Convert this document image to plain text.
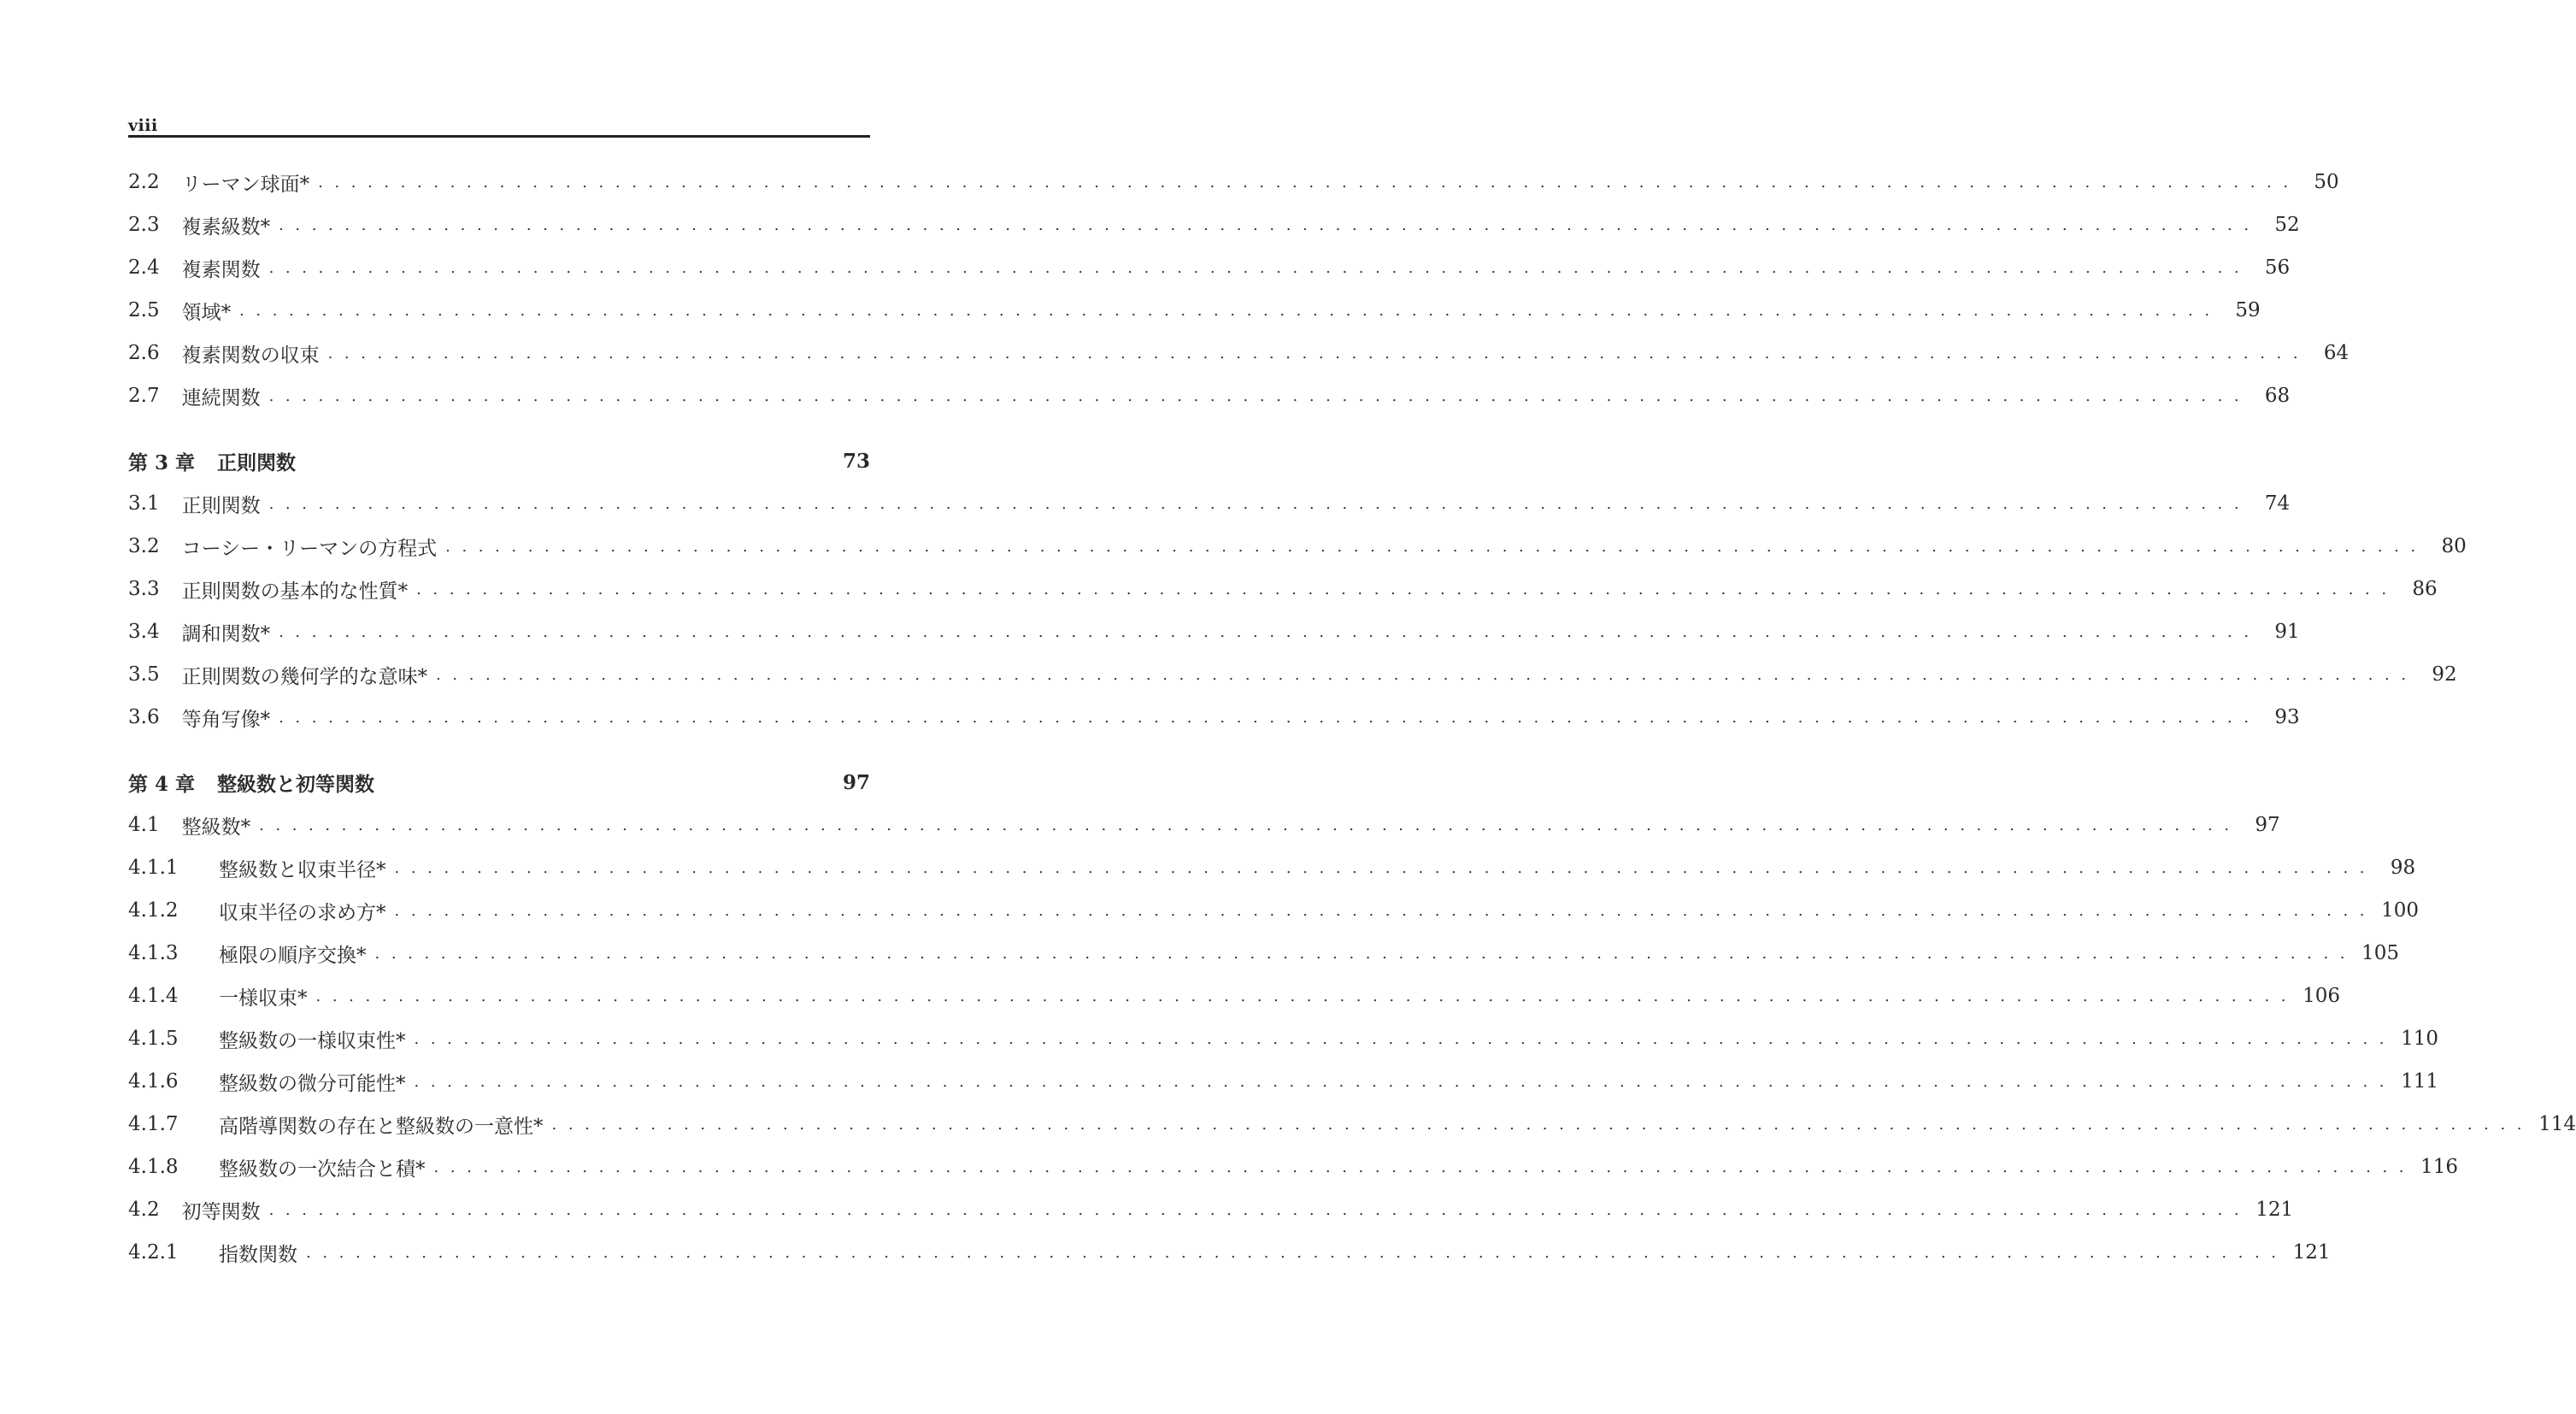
viii
2.2 リーマン球面* ........................................................................................................................ 50
2.3 複素級数* ........................................................................................................................ 52
2.4 複素関数 ........................................................................................................................ 56
2.5 領域* ........................................................................................................................ 59
2.6 複素関数の収束 ........................................................................................................................ 64
2.7 連続関数 ........................................................................................................................ 68
第 3 章 正則関数	73
3.1 正則関数 ........................................................................................................................ 74
3.2 コーシー・リーマンの方程式 ........................................................................................................................ 80
3.3 正則関数の基本的な性質* ........................................................................................................................ 86
3.4 調和関数* ........................................................................................................................ 91
3.5 正則関数の幾何学的な意味* ........................................................................................................................ 92
3.6 等角写像* ........................................................................................................................ 93
第 4 章 整級数と初等関数	97
4.1 整級数* ........................................................................................................................ 97
4.1.1	整級数と収束半径* ........................................................................................................................ 98
4.1.2	収束半径の求め方* ........................................................................................................................ 100
4.1.3	極限の順序交換* ........................................................................................................................ 105
4.1.4	一様収束* ........................................................................................................................ 106
4.1.5	整級数の一様収束性* ........................................................................................................................ 110
4.1.6	整級数の微分可能性* ........................................................................................................................ 111
4.1.7	高階導関数の存在と整級数の一意性* ........................................................................................................................ 114
4.1.8	整級数の一次結合と積* ........................................................................................................................ 116
4.2 初等関数 ........................................................................................................................ 121
4.2.1	指数関数 ........................................................................................................................ 121
